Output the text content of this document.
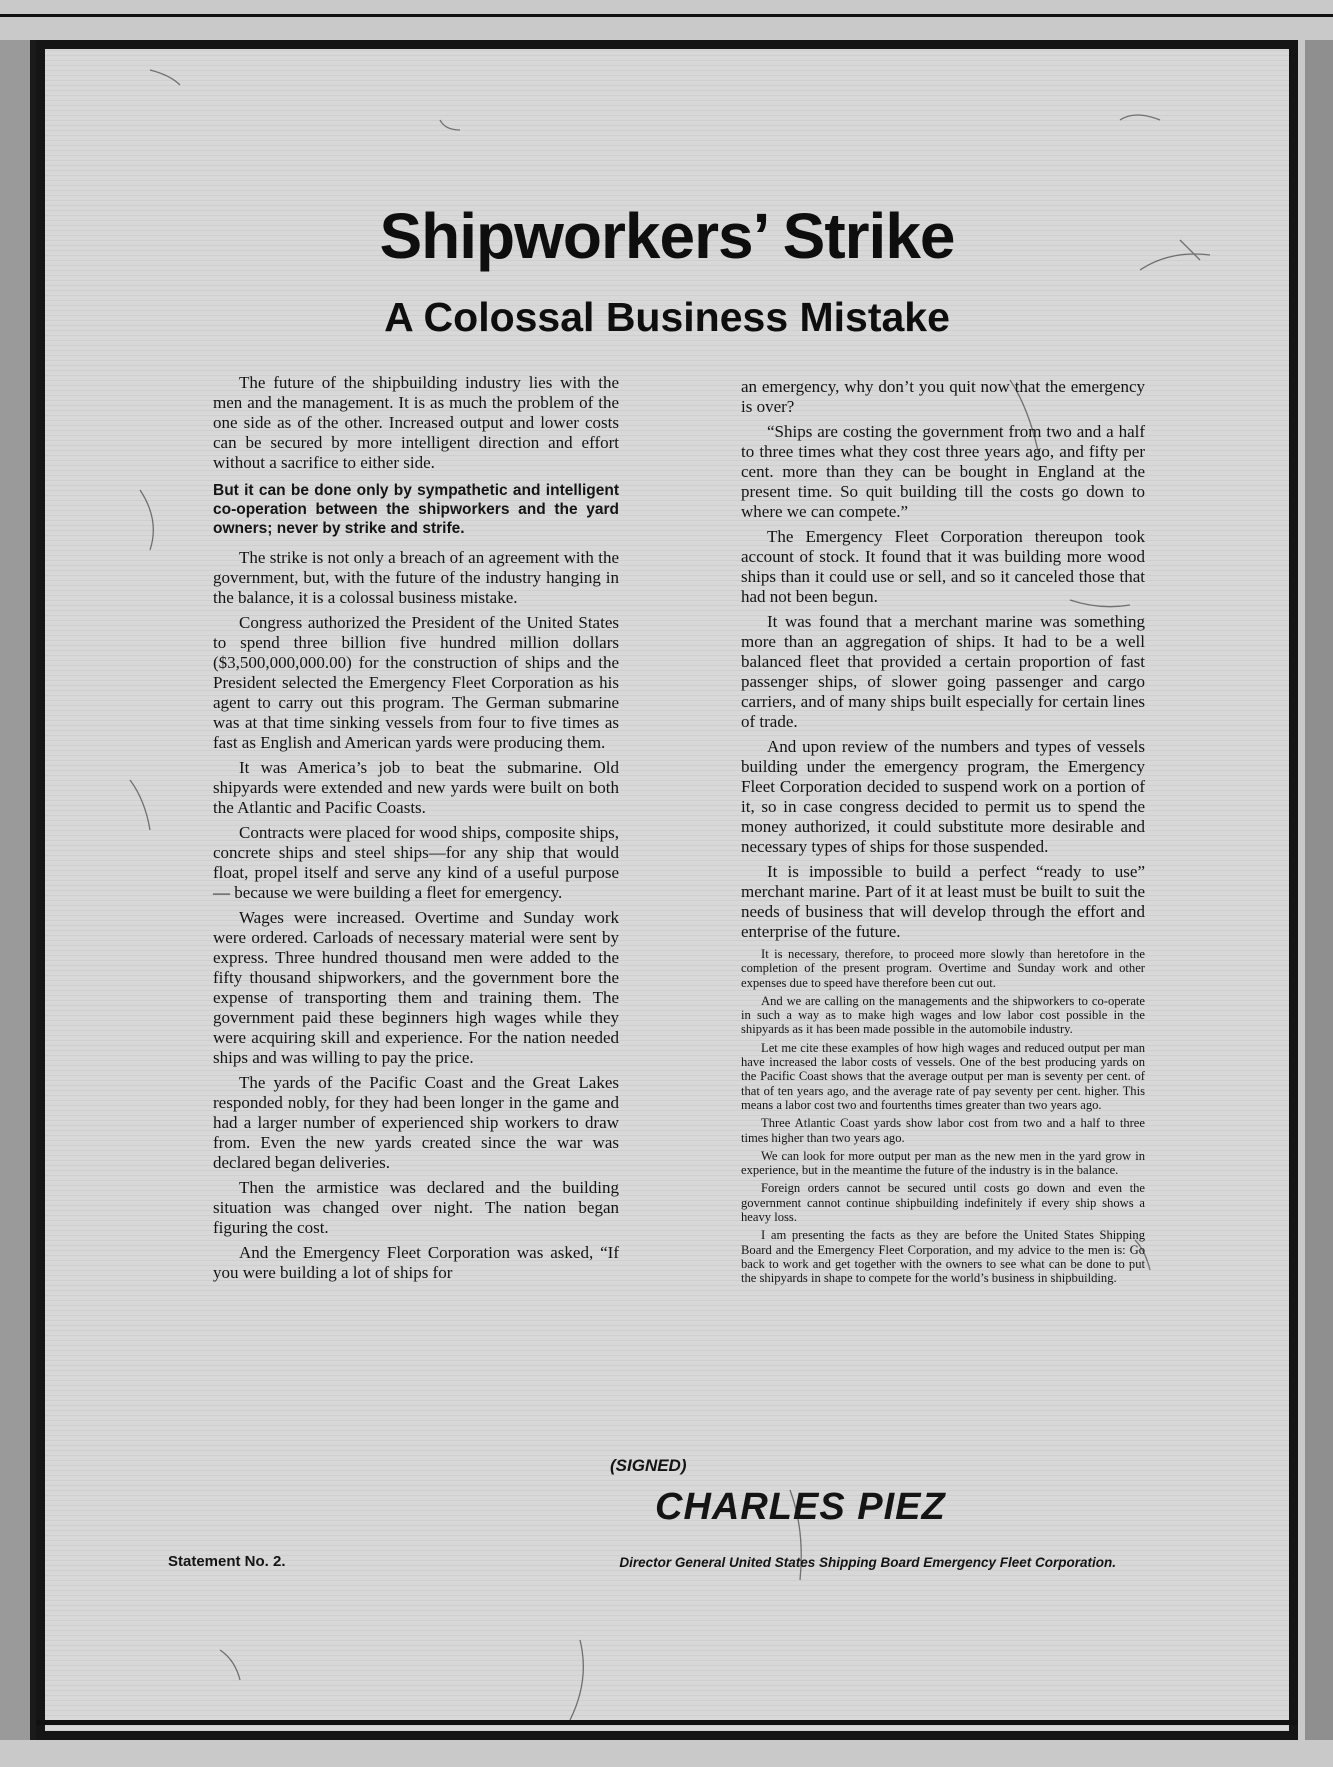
Shipworkers’ Strike
A Colossal Business Mistake

The future of the shipbuilding industry lies with the men and the management. It is as much the problem of the one side as of the other. Increased output and lower costs can be secured by more intelligent direction and effort without a sacrifice to either side.

But it can be done only by sympathetic and intelligent co-operation between the shipworkers and the yard owners; never by strike and strife.

The strike is not only a breach of an agreement with the government, but, with the future of the industry hanging in the balance, it is a colossal business mistake.

Congress authorized the President of the United States to spend three billion five hundred million dollars ($3,500,000,000.00) for the construction of ships and the President selected the Emergency Fleet Corporation as his agent to carry out this program. The German submarine was at that time sinking vessels from four to five times as fast as English and American yards were producing them.

It was America’s job to beat the submarine. Old shipyards were extended and new yards were built on both the Atlantic and Pacific Coasts.

Contracts were placed for wood ships, composite ships, concrete ships and steel ships—for any ship that would float, propel itself and serve any kind of a useful purpose — because we were building a fleet for emergency.

Wages were increased. Overtime and Sunday work were ordered. Carloads of necessary material were sent by express. Three hundred thousand men were added to the fifty thousand shipworkers, and the government bore the expense of transporting them and training them. The government paid these beginners high wages while they were acquiring skill and experience. For the nation needed ships and was willing to pay the price.

The yards of the Pacific Coast and the Great Lakes responded nobly, for they had been longer in the game and had a larger number of experienced ship workers to draw from. Even the new yards created since the war was declared began deliveries.

Then the armistice was declared and the building situation was changed over night. The nation began figuring the cost.

And the Emergency Fleet Corporation was asked, “If you were building a lot of ships for

an emergency, why don’t you quit now that the emergency is over?

“Ships are costing the government from two and a half to three times what they cost three years ago, and fifty per cent. more than they can be bought in England at the present time. So quit building till the costs go down to where we can compete.”

The Emergency Fleet Corporation thereupon took account of stock. It found that it was building more wood ships than it could use or sell, and so it canceled those that had not been begun.

It was found that a merchant marine was something more than an aggregation of ships. It had to be a well balanced fleet that provided a certain proportion of fast passenger ships, of slower going passenger and cargo carriers, and of many ships built especially for certain lines of trade.

And upon review of the numbers and types of vessels building under the emergency program, the Emergency Fleet Corporation decided to suspend work on a portion of it, so in case congress decided to permit us to spend the money authorized, it could substitute more desirable and necessary types of ships for those suspended.

It is impossible to build a perfect “ready to use” merchant marine. Part of it at least must be built to suit the needs of business that will develop through the effort and enterprise of the future.

It is necessary, therefore, to proceed more slowly than heretofore in the completion of the present program. Overtime and Sunday work and other expenses due to speed have therefore been cut out.

And we are calling on the managements and the shipworkers to co-operate in such a way as to make high wages and low labor cost possible in the shipyards as it has been made possible in the automobile industry.

Let me cite these examples of how high wages and reduced output per man have increased the labor costs of vessels. One of the best producing yards on the Pacific Coast shows that the average output per man is seventy per cent. of that of ten years ago, and the average rate of pay seventy per cent. higher. This means a labor cost two and fourtenths times greater than two years ago.

Three Atlantic Coast yards show labor cost from two and a half to three times higher than two years ago.

We can look for more output per man as the new men in the yard grow in experience, but in the meantime the future of the industry is in the balance.

Foreign orders cannot be secured until costs go down and even the government cannot continue shipbuilding indefinitely if every ship shows a heavy loss.

I am presenting the facts as they are before the United States Shipping Board and the Emergency Fleet Corporation, and my advice to the men is: Go back to work and get together with the owners to see what can be done to put the shipyards in shape to compete for the world’s business in shipbuilding.

(SIGNED)
CHARLES PIEZ
Statement No. 2.	Director General United States Shipping Board Emergency Fleet Corporation.
